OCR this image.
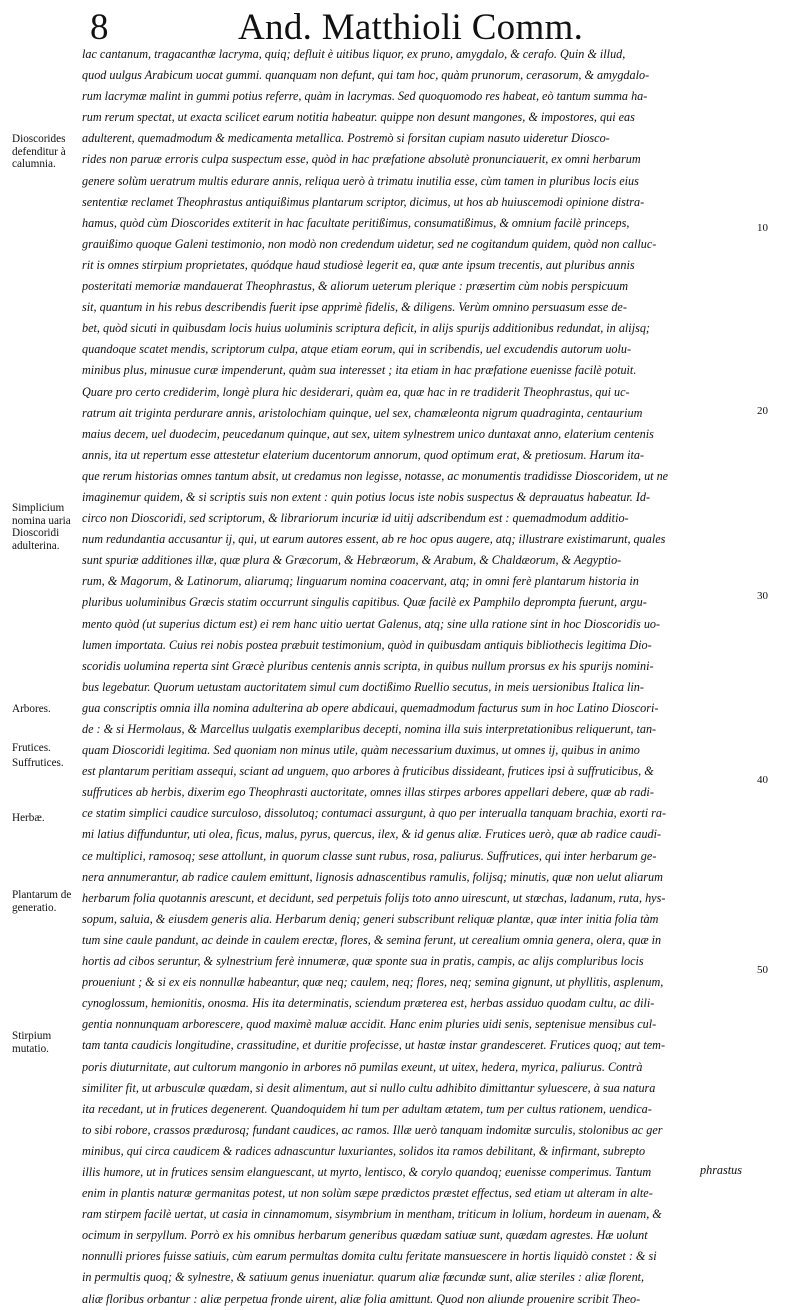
8	And. Matthioli Comm.
lac cantanum, tragacanthæ lacryma, quiq; defluit è uitibus liquor, ex pruno, amygdalo, & cerafo. Quin & illud,
quod uulgus Arabicum uocat gummi. quanquam non defunt, qui tam hoc, quàm prunorum, cerasorum, & amygdalo-
rum lacrymæ malint in gummi potius referre, quàm in lacrymas. Sed quoquomodo res habeat, eò tantum summa ha-
rum rerum spectat, ut exacta scilicet earum notitia habeatur. quippe non desunt mangones, & impostores, qui eas
adulterent, quemadmodum & medicamenta metallica. Postremò si forsitan cupiam nasuto uideretur Diosco-
rides non paruæ erroris culpa suspectum esse, quòd in hac præfatione absolutè pronunciauerit, ex omni herbarum
genere solùm ueratrum multis edurare annis, reliqua uerò à trimatu inutilia esse, cùm tamen in pluribus locis eius
sententiæ reclamet Theophrastus antiquißimus plantarum scriptor, dicimus, ut hos ab huiuscemodi opinione distra-
hamus, quòd cùm Dioscorides extiterit in hac facultate peritißimus, consumatißimus, & omnium facilè princeps,
grauißimo quoque Galeni testimonio, non modò non credendum uidetur, sed ne cogitandum quidem, quòd non calluc-
rit is omnes stirpium proprietates, quódque haud studiosè legerit ea, quæ ante ipsum trecentis, aut pluribus annis
posteritati memoriæ mandauerat Theophrastus, & aliorum ueterum plerique : præsertim cùm nobis perspicuum
sit, quantum in his rebus describendis fuerit ipse apprimè fidelis, & diligens. Verùm omnino persuasum esse de-
bet, quòd sicuti in quibusdam locis huius uoluminis scriptura deficit, in alijs spurijs additionibus redundat, in alijsq;
quandoque scatet mendis, scriptorum culpa, atque etiam eorum, qui in scribendis, uel excudendis autorum uolu-
minibus plus, minusue curæ impenderunt, quàm sua interesset ; ita etiam in hac præfatione euenisse facilè potuit.
Quare pro certo crediderim, longè plura hic desiderari, quàm ea, quæ hac in re tradiderit Theophrastus, qui uc-
ratrum ait triginta perdurare annis, aristolochiam quinque, uel sex, chamæleonta nigrum quadraginta, centaurium
maius decem, uel duodecim, peucedanum quinque, aut sex, uitem sylnestrem unico duntaxat anno, elaterium centenis
annis, ita ut repertum esse attestetur elaterium ducentorum annorum, quod optimum erat, & pretiosum. Harum ita-
que rerum historias omnes tantum absit, ut credamus non legisse, notasse, ac monumentis tradidisse Dioscoridem, ut ne
imaginemur quidem, & si scriptis suis non extent : quin potius locus iste nobis suspectus & deprauatus habeatur. Id-
circo non Dioscoridi, sed scriptorum, & librariorum incuriæ id uitij adscribendum est : quemadmodum additio-
num redundantia accusantur ij, qui, ut earum autores essent, ab re hoc opus augere, atq; illustrare existimarunt, quales
sunt spuriæ additiones illæ, quæ plura & Græcorum, & Hebræorum, & Arabum, & Chaldæorum, & Aegyptio-
rum, & Magorum, & Latinorum, aliarumq; linguarum nomina coacervant, atq; in omni ferè plantarum historia in
pluribus uoluminibus Græcis statim occurrunt singulis capitibus. Quæ facilè ex Pamphilo deprompta fuerunt, argu-
mento quòd (ut superius dictum est) ei rem hanc uitio uertat Galenus, atq; sine ulla ratione sint in hoc Dioscoridis uo-
lumen importata. Cuius rei nobis postea præbuit testimonium, quòd in quibusdam antiquis bibliothecis legitima Dio-
scoridis uolumina reperta sint Græcè pluribus centenis annis scripta, in quibus nullum prorsus ex his spurijs nomini-
bus legebatur. Quorum uetustam auctoritatem simul cum doctißimo Ruellio secutus, in meis uersionibus Italica lin-
gua conscriptis omnia illa nomina adulterina ab opere abdicaui, quemadmodum facturus sum in hoc Latino Dioscori-
de : & si Hermolaus, & Marcellus uulgatis exemplaribus decepti, nomina illa suis interpretationibus reliquerunt, tan-
quam Dioscoridi legitima. Sed quoniam non minus utile, quàm necessarium duximus, ut omnes ij, quibus in animo
est plantarum peritiam assequi, sciant ad unguem, quo arbores à fruticibus dissideant, frutices ipsi à suffruticibus, &
suffrutices ab herbis, dixerim ego Theophrasti auctoritate, omnes illas stirpes arbores appellari debere, quæ ab radi-
ce statim simplici caudice surculoso, dissolutoq; contumaci assurgunt, à quo per interualla tanquam brachia, exorti ra-
mi latius diffunduntur, uti olea, ficus, malus, pyrus, quercus, ilex, & id genus aliæ. Frutices uerò, quæ ab radice caudi-
ce multiplici, ramosoq; sese attollunt, in quorum classe sunt rubus, rosa, paliurus. Suffrutices, qui inter herbarum ge-
nera annumerantur, ab radice caulem emittunt, lignosis adnascentibus ramulis, folijsq; minutis, quæ non uelut aliarum
herbarum folia quotannis arescunt, et decidunt, sed perpetuis folijs toto anno uirescunt, ut stœchas, ladanum, ruta, hys-
sopum, saluia, & eiusdem generis alia. Herbarum deniq; generi subscribunt reliquæ plantæ, quæ inter initia folia tàm
tum sine caule pandunt, ac deinde in caulem erectæ, flores, & semina ferunt, ut cerealium omnia genera, olera, quæ in
hortis ad cibos seruntur, & sylnestrium ferè innumeræ, quæ sponte sua in pratis, campis, ac alijs compluribus locis
proueniunt ; & si ex eis nonnullæ habeantur, quæ neq; caulem, neq; flores, neq; semina gignunt, ut phyllitis, asplenum,
cynoglossum, hemionitis, onosma. His ita determinatis, sciendum præterea est, herbas assiduo quodam cultu, ac dili-
gentia nonnunquam arborescere, quod maximè maluæ accidit. Hanc enim pluries uidi senis, septenisue mensibus cul-
tam tanta caudicis longitudine, crassitudine, et duritie profecisse, ut hastæ instar grandesceret. Frutices quoq; aut tem-
poris diuturnitate, aut cultorum mangonio in arbores nō pumilas exeunt, ut uitex, hedera, myrica, paliurus. Contrà
similiter fit, ut arbusculæ quædam, si desit alimentum, aut si nullo cultu adhibito dimittantur syluescere, à sua natura
ita recedant, ut in frutices degenerent. Quandoquidem hi tum per adultam ætatem, tum per cultus rationem, uendica-
to sibi robore, crassos prædurosq; fundant caudices, ac ramos. Illæ uerò tanquam indomitæ surculis, stolonibus ac ger
minibus, qui circa caudicem & radices adnascuntur luxuriantes, solidos ita ramos debilitant, & infirmant, subrepto
illis humore, ut in frutices sensim elanguescant, ut myrto, lentisco, & corylo quandoq; euenisse comperimus. Tantum
enim in plantis naturæ germanitas potest, ut non solùm sæpe prædictos præstet effectus, sed etiam ut alteram in alte-
ram stirpem facilè uertat, ut casia in cinnamomum, sisymbrium in mentham, triticum in lolium, hordeum in auenam, &
ocimum in serpyllum. Porrò ex his omnibus herbarum generibus quædam satiuæ sunt, quædam agrestes. Hæ uolunt
nonnulli priores fuisse satiuis, cùm earum permultas domita cultu feritate mansuescere in hortis liquidò constet : & si
in permultis quoq; & sylnestre, & satiuum genus inueniatur. quarum aliæ fœcundæ sunt, aliæ steriles : aliæ florent,
aliæ floribus orbantur : aliæ perpetua fronde uirent, aliæ folia amittunt. Quod non aliunde prouenire scribit Theo-
phrastus
Dioscorides defenditur à calumnia.
Simplicium nomina uaria Dioscoridi adulterina.
Arbores.
Frutices.
Suffrutices.
Herbæ.
Plantarum de generatio.
Stirpium mutatio.
10
20
30
40
50
